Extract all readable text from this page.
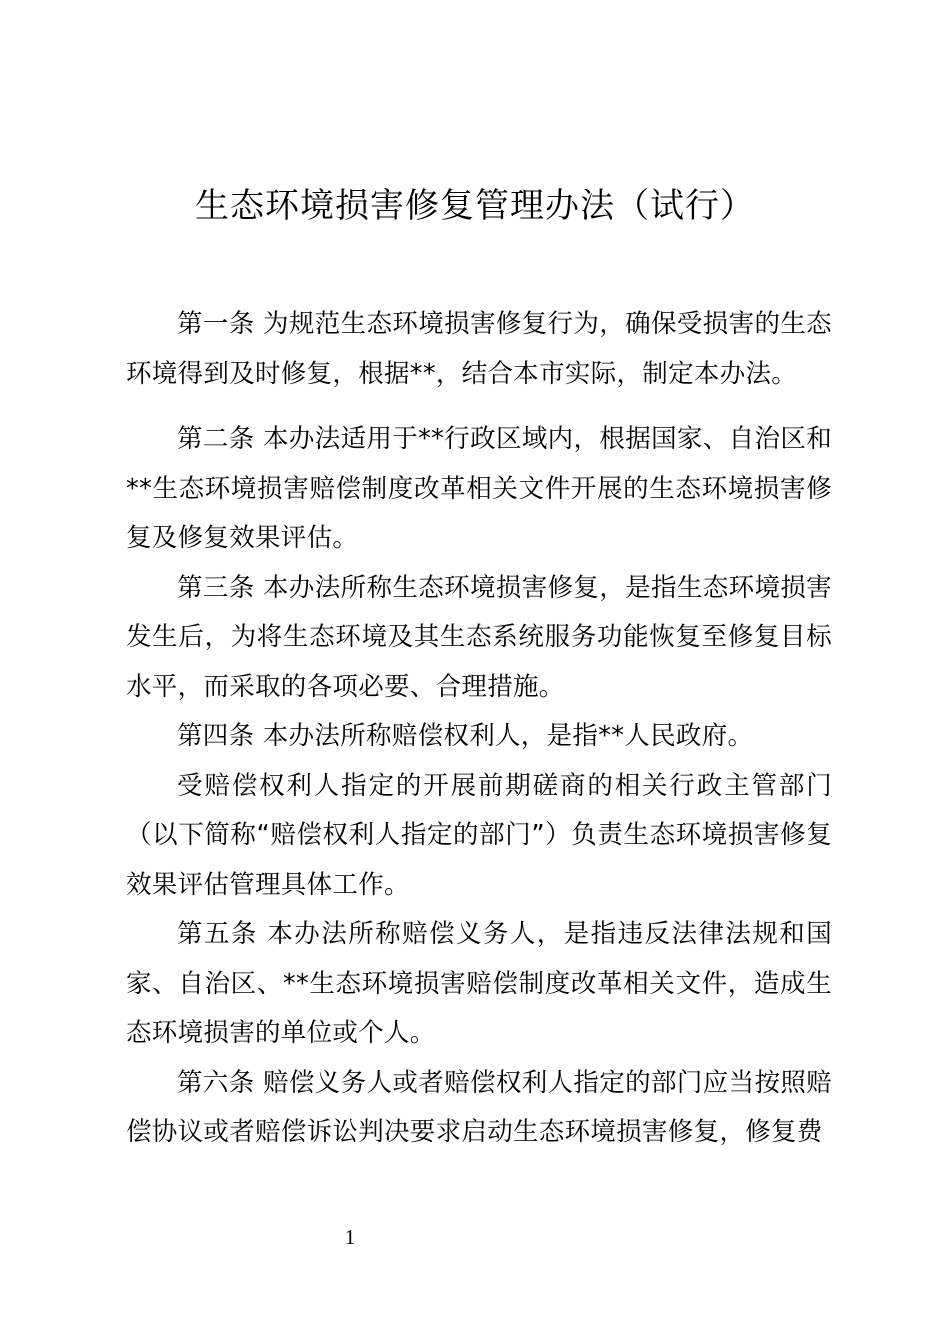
生态环境损害修复管理办法（试行）

第一条 为规范生态环境损害修复行为，确保受损害的生态环境得到及时修复，根据**，结合本市实际，制定本办法。

第二条 本办法适用于**行政区域内，根据国家、自治区和**生态环境损害赔偿制度改革相关文件开展的生态环境损害修复及修复效果评估。

第三条 本办法所称生态环境损害修复，是指生态环境损害发生后，为将生态环境及其生态系统服务功能恢复至修复目标水平，而采取的各项必要、合理措施。

第四条 本办法所称赔偿权利人，是指**人民政府。

受赔偿权利人指定的开展前期磋商的相关行政主管部门（以下简称“赔偿权利人指定的部门”）负责生态环境损害修复效果评估管理具体工作。

第五条 本办法所称赔偿义务人，是指违反法律法规和国家、自治区、**生态环境损害赔偿制度改革相关文件，造成生态环境损害的单位或个人。

第六条 赔偿义务人或者赔偿权利人指定的部门应当按照赔偿协议或者赔偿诉讼判决要求启动生态环境损害修复，修复费

1
